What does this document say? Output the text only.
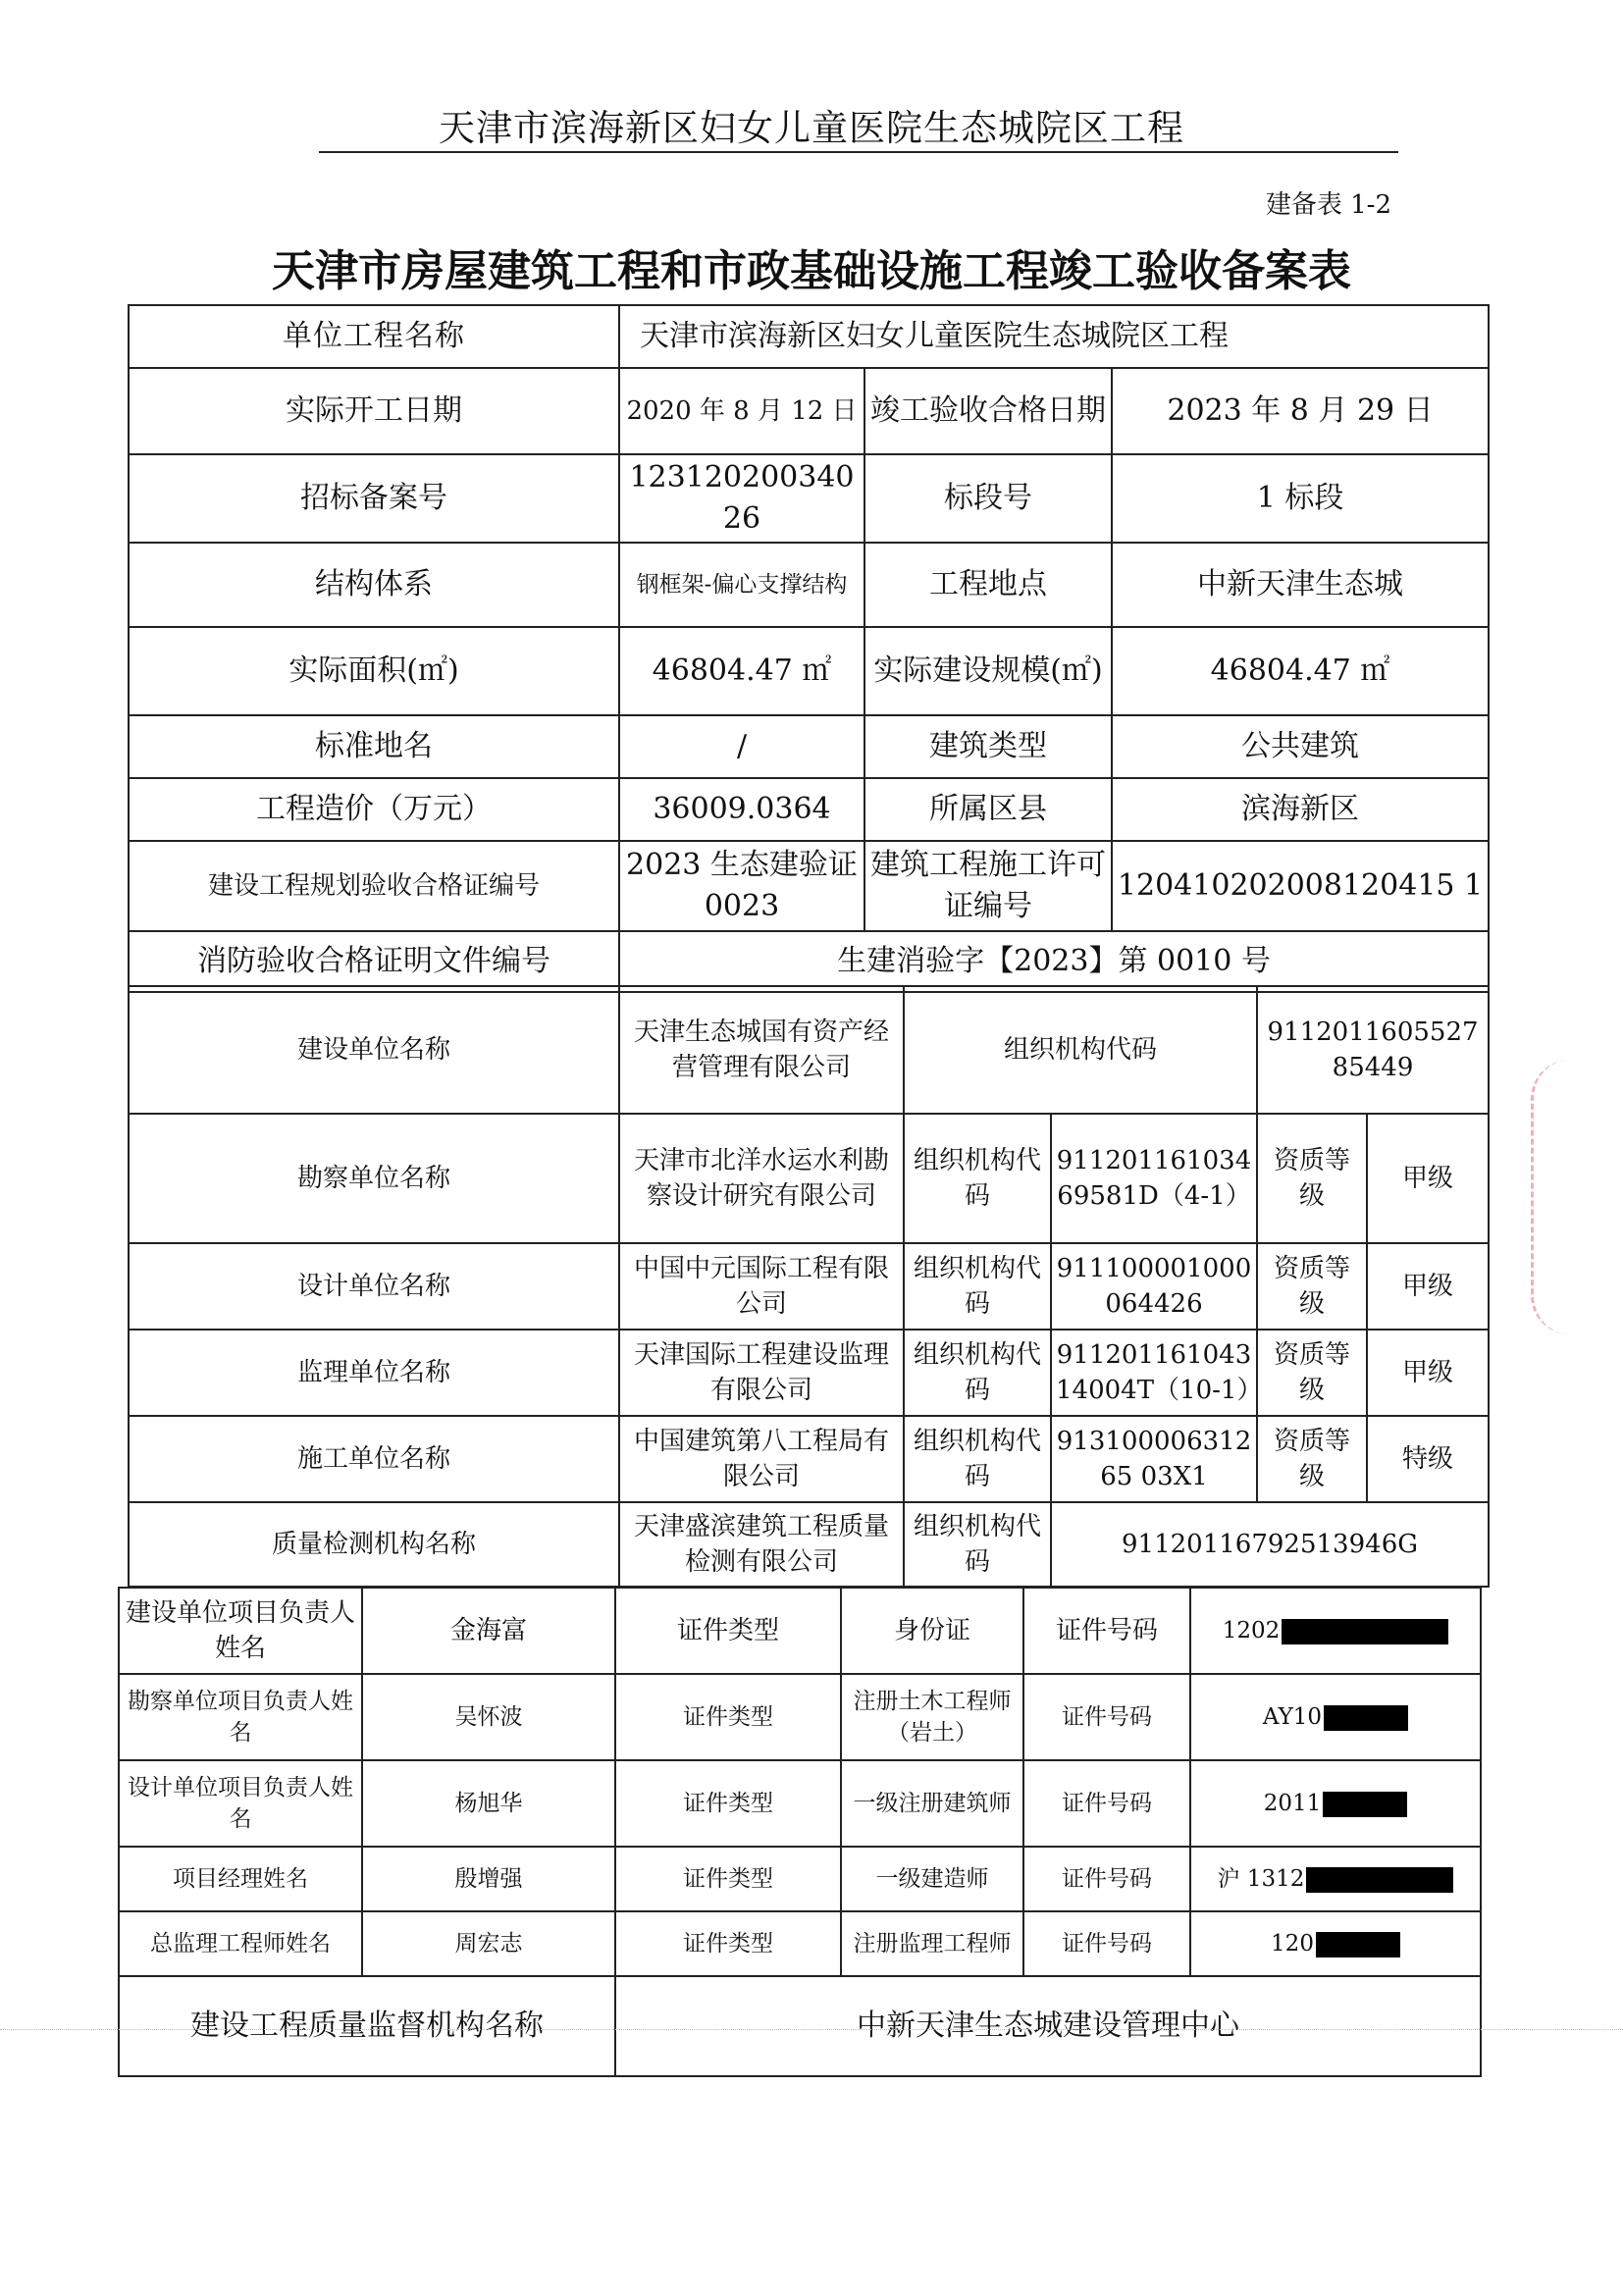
天津市滨海新区妇女儿童医院生态城院区工程
建备表 1-2
天津市房屋建筑工程和市政基础设施工程竣工验收备案表
单位工程名称	天津市滨海新区妇女儿童医院生态城院区工程		
实际开工日期	2020 年 8 月 12 日	竣工验收合格日期	2023 年 8 月 29 日
招标备案号	12312020034026	标段号	1 标段
结构体系	钢框架-偏心支撑结构	工程地点	中新天津生态城
实际面积(㎡)	46804.47 ㎡	实际建设规模(㎡)	46804.47 ㎡
标准地名	/	建筑类型	公共建筑
工程造价（万元）	36009.0364	所属区县	滨海新区
建设工程规划验收合格证编号	2023 生态建验证 0023	建筑工程施工许可证编号	120410202008120415 1
消防验收合格证明文件编号	生建消验字【2023】第 0010 号		
建设单位名称	天津生态城国有资产经营管理有限公司	组织机构代码		911201160552785449	
勘察单位名称	天津市北洋水运水利勘察设计研究有限公司	组织机构代码	91120116103469581D（4-1）	资质等级	甲级
设计单位名称	中国中元国际工程有限公司	组织机构代码	911100001000064426	资质等级	甲级
监理单位名称	天津国际工程建设监理有限公司	组织机构代码	91120116104314004T（10-1）	资质等级	甲级
施工单位名称	中国建筑第八工程局有限公司	组织机构代码	91310000631265 03X1	资质等级	特级
质量检测机构名称	天津盛滨建筑工程质量检测有限公司	组织机构代码	91120116792513946G		
建设单位项目负责人姓名	金海富	证件类型	身份证	证件号码	1202
勘察单位项目负责人姓名	吴怀波	证件类型	注册土木工程师（岩土）	证件号码	AY10
设计单位项目负责人姓名	杨旭华	证件类型	一级注册建筑师	证件号码	2011
项目经理姓名	殷增强	证件类型	一级建造师	证件号码	沪 1312
总监理工程师姓名	周宏志	证件类型	注册监理工程师	证件号码	120
建设工程质量监督机构名称		中新天津生态城建设管理中心			
